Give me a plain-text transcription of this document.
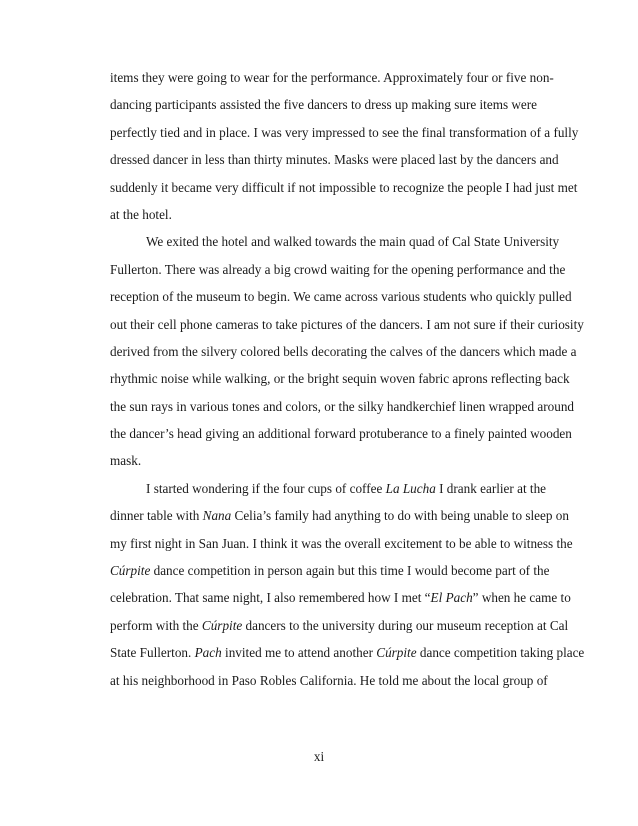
items they were going to wear for the performance. Approximately four or five non-
dancing participants assisted the five dancers to dress up making sure items were
perfectly tied and in place. I was very impressed to see the final transformation of a fully
dressed dancer in less than thirty minutes. Masks were placed last by the dancers and
suddenly it became very difficult if not impossible to recognize the people I had just met
at the hotel.
We exited the hotel and walked towards the main quad of Cal State University
Fullerton. There was already a big crowd waiting for the opening performance and the
reception of the museum to begin. We came across various students who quickly pulled
out their cell phone cameras to take pictures of the dancers. I am not sure if their curiosity
derived from the silvery colored bells decorating the calves of the dancers which made a
rhythmic noise while walking, or the bright sequin woven fabric aprons reflecting back
the sun rays in various tones and colors, or the silky handkerchief linen wrapped around
the dancer’s head giving an additional forward protuberance to a finely painted wooden
mask.
I started wondering if the four cups of coffee La Lucha I drank earlier at the
dinner table with Nana Celia’s family had anything to do with being unable to sleep on
my first night in San Juan. I think it was the overall excitement to be able to witness the
Cúrpite dance competition in person again but this time I would become part of the
celebration. That same night, I also remembered how I met “El Pach” when he came to
perform with the Cúrpite dancers to the university during our museum reception at Cal
State Fullerton. Pach invited me to attend another Cúrpite dance competition taking place
at his neighborhood in Paso Robles California. He told me about the local group of
xi
